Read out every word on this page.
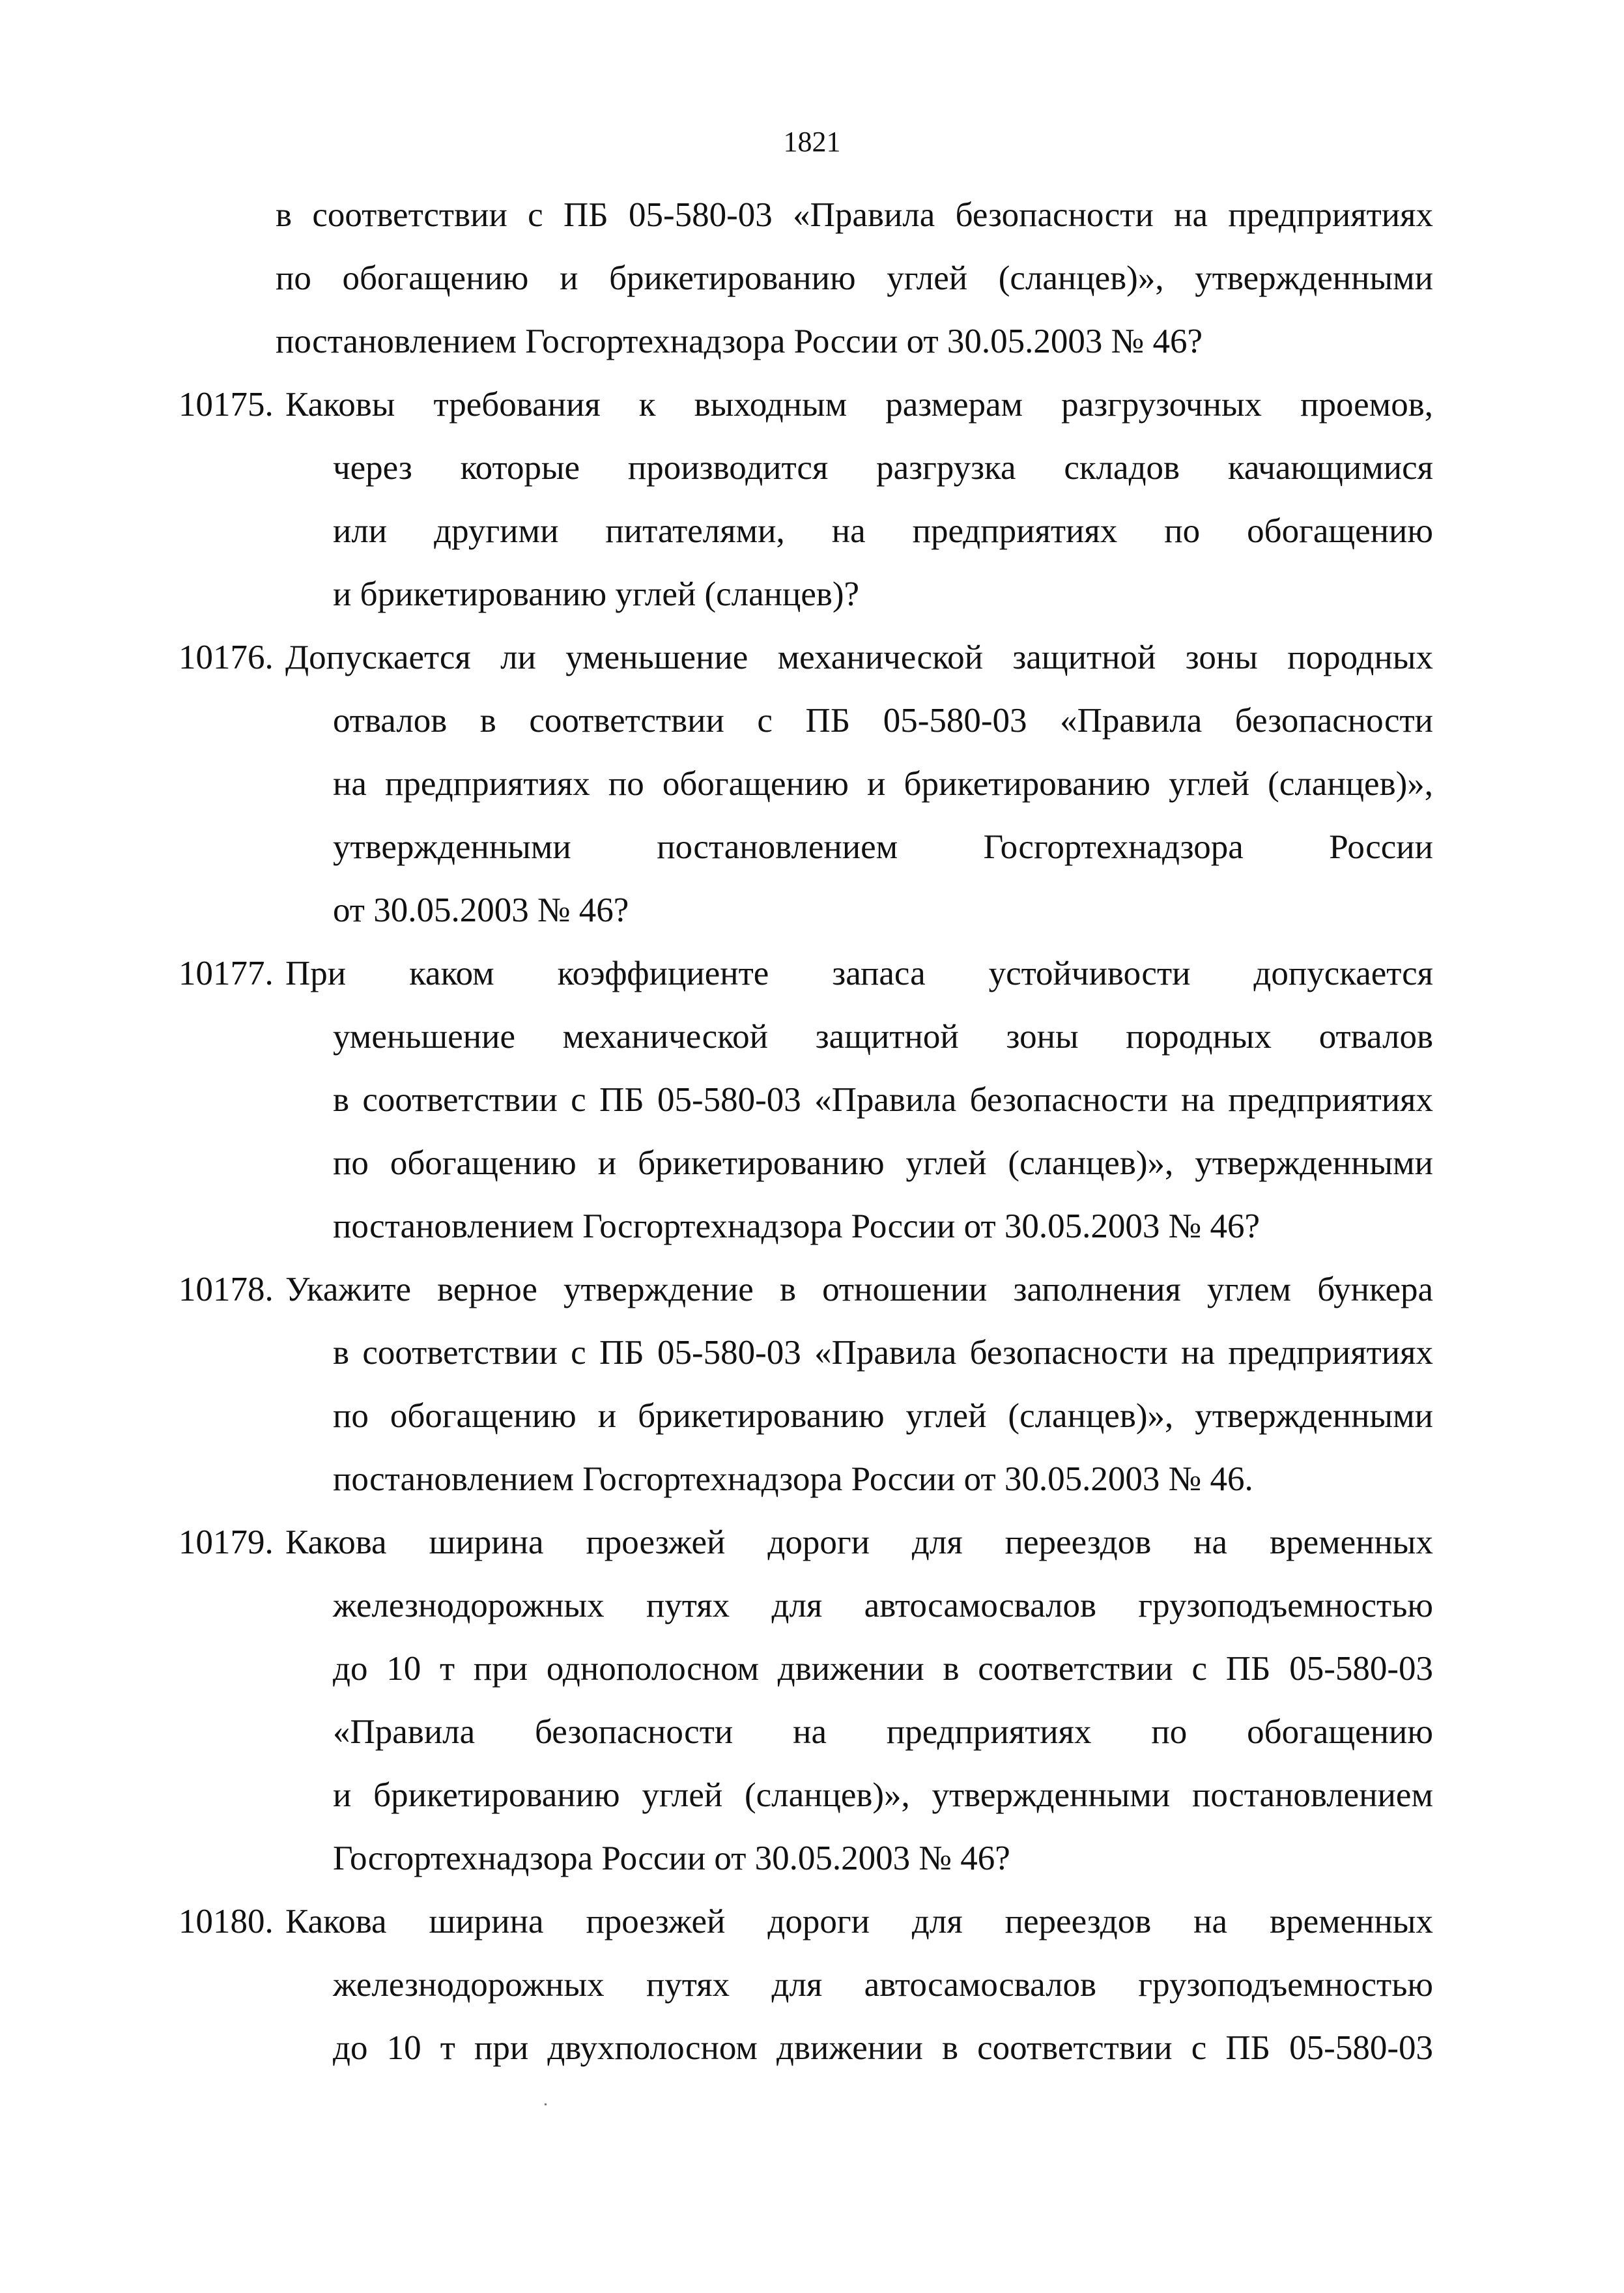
1821
в соответствии с ПБ 05-580-03 «Правила безопасности на предприятиях
по обогащению и брикетированию углей (сланцев)», утвержденными
постановлением Госгортехнадзора России от 30.05.2003 № 46?
10175. Каковы требования к выходным размерам разгрузочных проемов,
через которые производится разгрузка складов качающимися
или другими питателями, на предприятиях по обогащению
и брикетированию углей (сланцев)?
10176. Допускается ли уменьшение механической защитной зоны породных
отвалов в соответствии с ПБ 05-580-03 «Правила безопасности
на предприятиях по обогащению и брикетированию углей (сланцев)»,
утвержденными постановлением Госгортехнадзора России
от 30.05.2003 № 46?
10177. При каком коэффициенте запаса устойчивости допускается
уменьшение механической защитной зоны породных отвалов
в соответствии с ПБ 05-580-03 «Правила безопасности на предприятиях
по обогащению и брикетированию углей (сланцев)», утвержденными
постановлением Госгортехнадзора России от 30.05.2003 № 46?
10178. Укажите верное утверждение в отношении заполнения углем бункера
в соответствии с ПБ 05-580-03 «Правила безопасности на предприятиях
по обогащению и брикетированию углей (сланцев)», утвержденными
постановлением Госгортехнадзора России от 30.05.2003 № 46.
10179. Какова ширина проезжей дороги для переездов на временных
железнодорожных путях для автосамосвалов грузоподъемностью
до 10 т при однополосном движении в соответствии с ПБ 05-580-03
«Правила безопасности на предприятиях по обогащению
и брикетированию углей (сланцев)», утвержденными постановлением
Госгортехнадзора России от 30.05.2003 № 46?
10180. Какова ширина проезжей дороги для переездов на временных
железнодорожных путях для автосамосвалов грузоподъемностью
до 10 т при двухполосном движении в соответствии с ПБ 05-580-03
